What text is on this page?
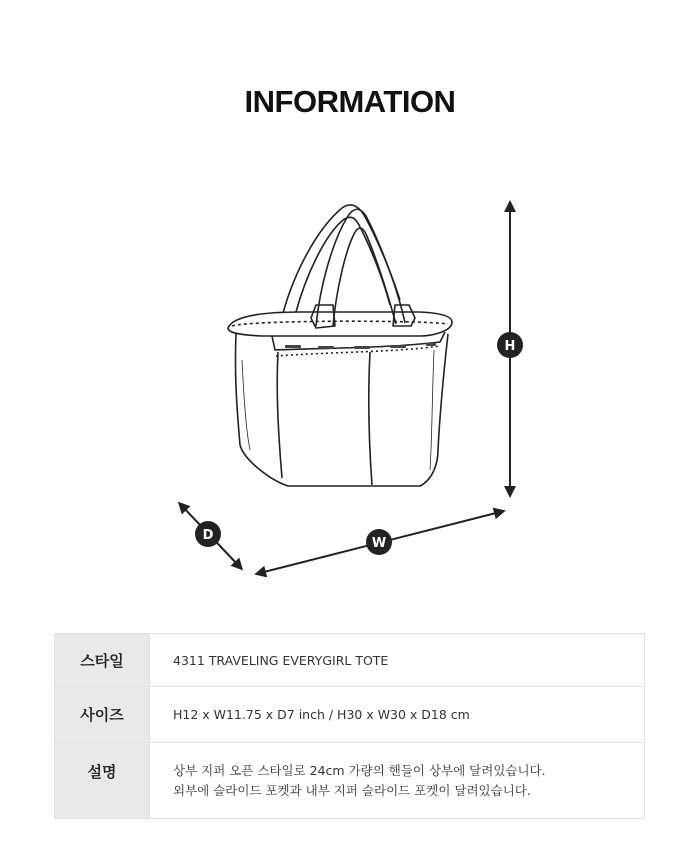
INFORMATION
H
W
D
스타일	4311 TRAVELING EVERYGIRL TOTE

사이즈	H12 x W11.75 x D7 inch / H30 x W30 x D18 cm

설명	상부 지퍼 오픈 스타일로 24cm 가량의 핸들이 상부에 달려있습니다.
외부에 슬라이드 포켓과 내부 지퍼 슬라이드 포켓이 달려있습니다.
